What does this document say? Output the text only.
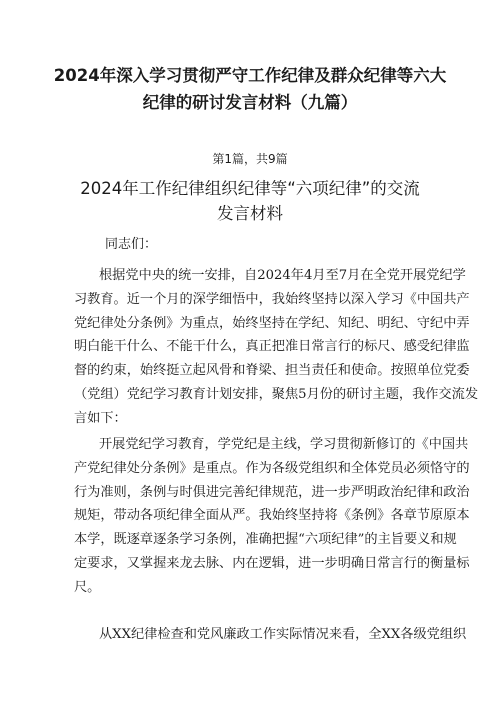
2024年深入学习贯彻严守工作纪律及群众纪律等六大
纪律的研讨发言材料（九篇）
第1篇，共9篇
2024年工作纪律组织纪律等“六项纪律”的交流
发言材料
同志们：

根据党中央的统一安排，自2024年4月至7月在全党开展党纪学
习教育。近一个月的深学细悟中，我始终坚持以深入学习《中国共产
党纪律处分条例》为重点，始终坚持在学纪、知纪、明纪、守纪中弄
明白能干什么、不能干什么，真正把准日常言行的标尺、感受纪律监
督的约束，始终挺立起风骨和脊梁、担当责任和使命。按照单位党委
（党组）党纪学习教育计划安排，聚焦5月份的研讨主题，我作交流发
言如下：

开展党纪学习教育，学党纪是主线，学习贯彻新修订的《中国共
产党纪律处分条例》是重点。作为各级党组织和全体党员必须恪守的
行为准则，条例与时俱进完善纪律规范，进一步严明政治纪律和政治
规矩，带动各项纪律全面从严。我始终坚持将《条例》各章节原原本
本学，既逐章逐条学习条例，准确把握“六项纪律”的主旨要义和规
定要求，又掌握来龙去脉、内在逻辑，进一步明确日常言行的衡量标
尺。

从XX纪律检查和党风廉政工作实际情况来看，全XX各级党组织
